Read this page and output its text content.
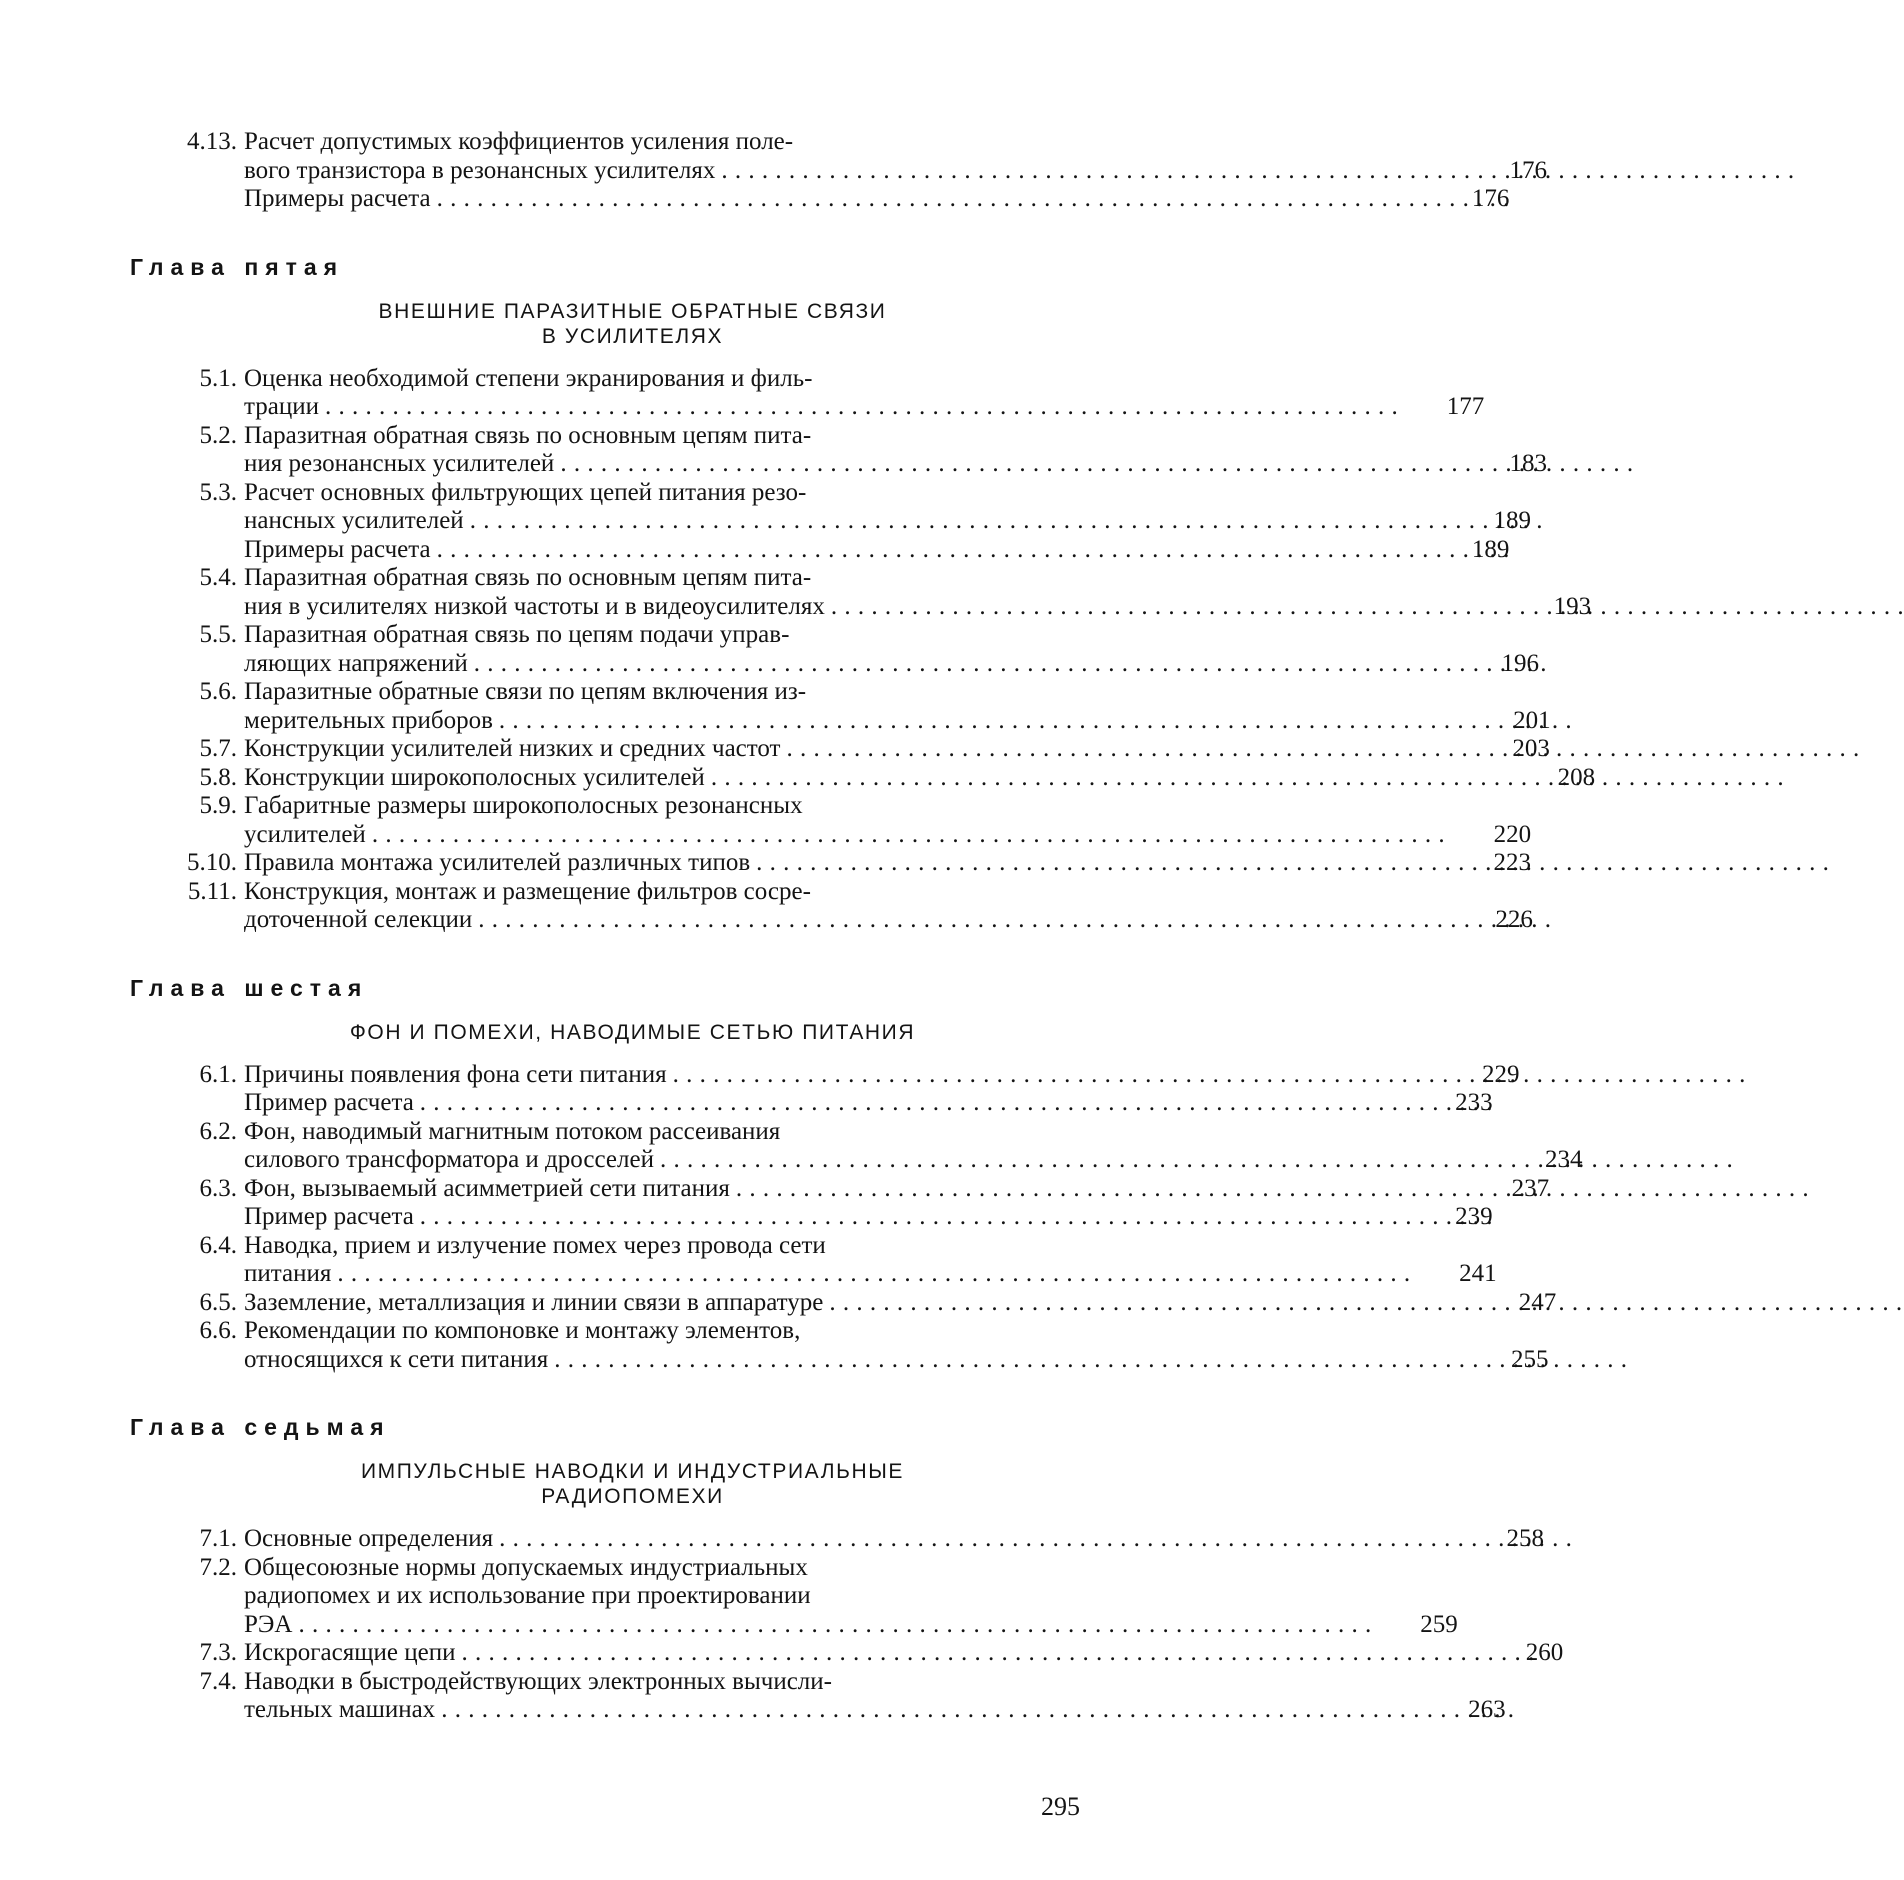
4.13. Расчет допустимых коэффициентов усиления поле-
вого транзистора в резонансных усилителях . . .	176
Примеры расчета . . .	176
Глава пятая
ВНЕШНИЕ ПАРАЗИТНЫЕ ОБРАТНЫЕ СВЯЗИ
В УСИЛИТЕЛЯХ
5.1. Оценка необходимой степени экранирования и филь-
трации . . .	177
5.2. Паразитная обратная связь по основным цепям пита-
ния резонансных усилителей . . .	183
5.3. Расчет основных фильтрующих цепей питания резо-
нансных усилителей . . .	189
Примеры расчета . . .	189
5.4. Паразитная обратная связь по основным цепям пита-
ния в усилителях низкой частоты и в видеоусилителях . . .	193
5.5. Паразитная обратная связь по цепям подачи управ-
ляющих напряжений . . .	196
5.6. Паразитные обратные связи по цепям включения из-
мерительных приборов . . .	201
5.7. Конструкции усилителей низких и средних частот . . .	203
5.8. Конструкции широкополосных усилителей . . .	208
5.9. Габаритные размеры широкополосных резонансных
усилителей . . .	220
5.10. Правила монтажа усилителей различных типов . . .	223
5.11. Конструкция, монтаж и размещение фильтров сосре-
доточенной селекции . . .	226
Глава шестая
ФОН И ПОМЕХИ, НАВОДИМЫЕ СЕТЬЮ ПИТАНИЯ
6.1. Причины появления фона сети питания . . .	229
Пример расчета . . .	233
6.2. Фон, наводимый магнитным потоком рассеивания
силового трансформатора и дросселей . . .	234
6.3. Фон, вызываемый асимметрией сети питания . . .	237
Пример расчета . . .	239
6.4. Наводка, прием и излучение помех через провода сети
питания . . .	241
6.5. Заземление, металлизация и линии связи в аппаратуре . . .	247
6.6. Рекомендации по компоновке и монтажу элементов,
относящихся к сети питания . . .	255
Глава седьмая
ИМПУЛЬСНЫЕ НАВОДКИ И ИНДУСТРИАЛЬНЫЕ
РАДИОПОМЕХИ
7.1. Основные определения . . .	258
7.2. Общесоюзные нормы допускаемых индустриальных
радиопомех и их использование при проектировании
РЭА . . .	259
7.3. Искрогасящие цепи . . .	260
7.4. Наводки в быстродействующих электронных вычисли-
тельных машинах . . .	263
295
